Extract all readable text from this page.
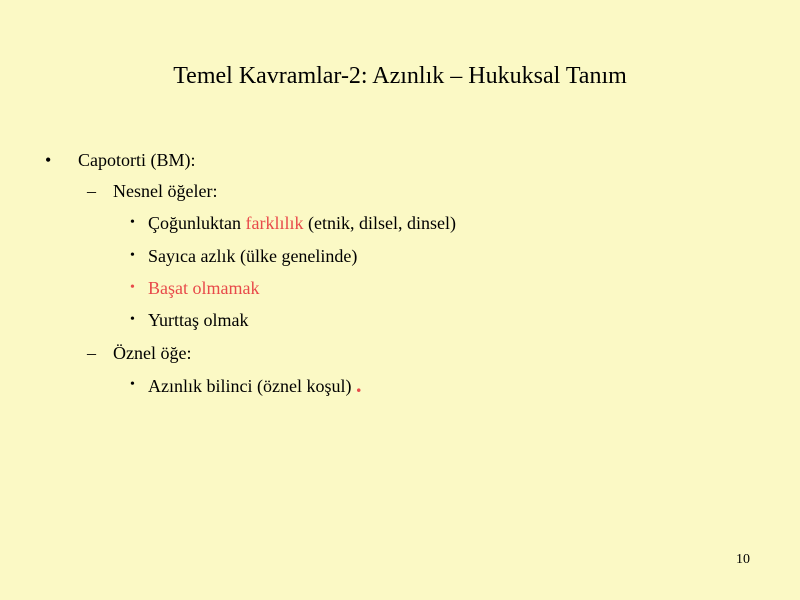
Temel Kavramlar-2: Azınlık – Hukuksal Tanım
• Capotorti (BM):
– Nesnel öğeler:
• Çoğunluktan farklılık (etnik, dilsel, dinsel)
• Sayıca azlık (ülke genelinde)
• Başat olmamak
• Yurttaş olmak
– Öznel öğe:
• Azınlık bilinci (öznel koşul) .
10
